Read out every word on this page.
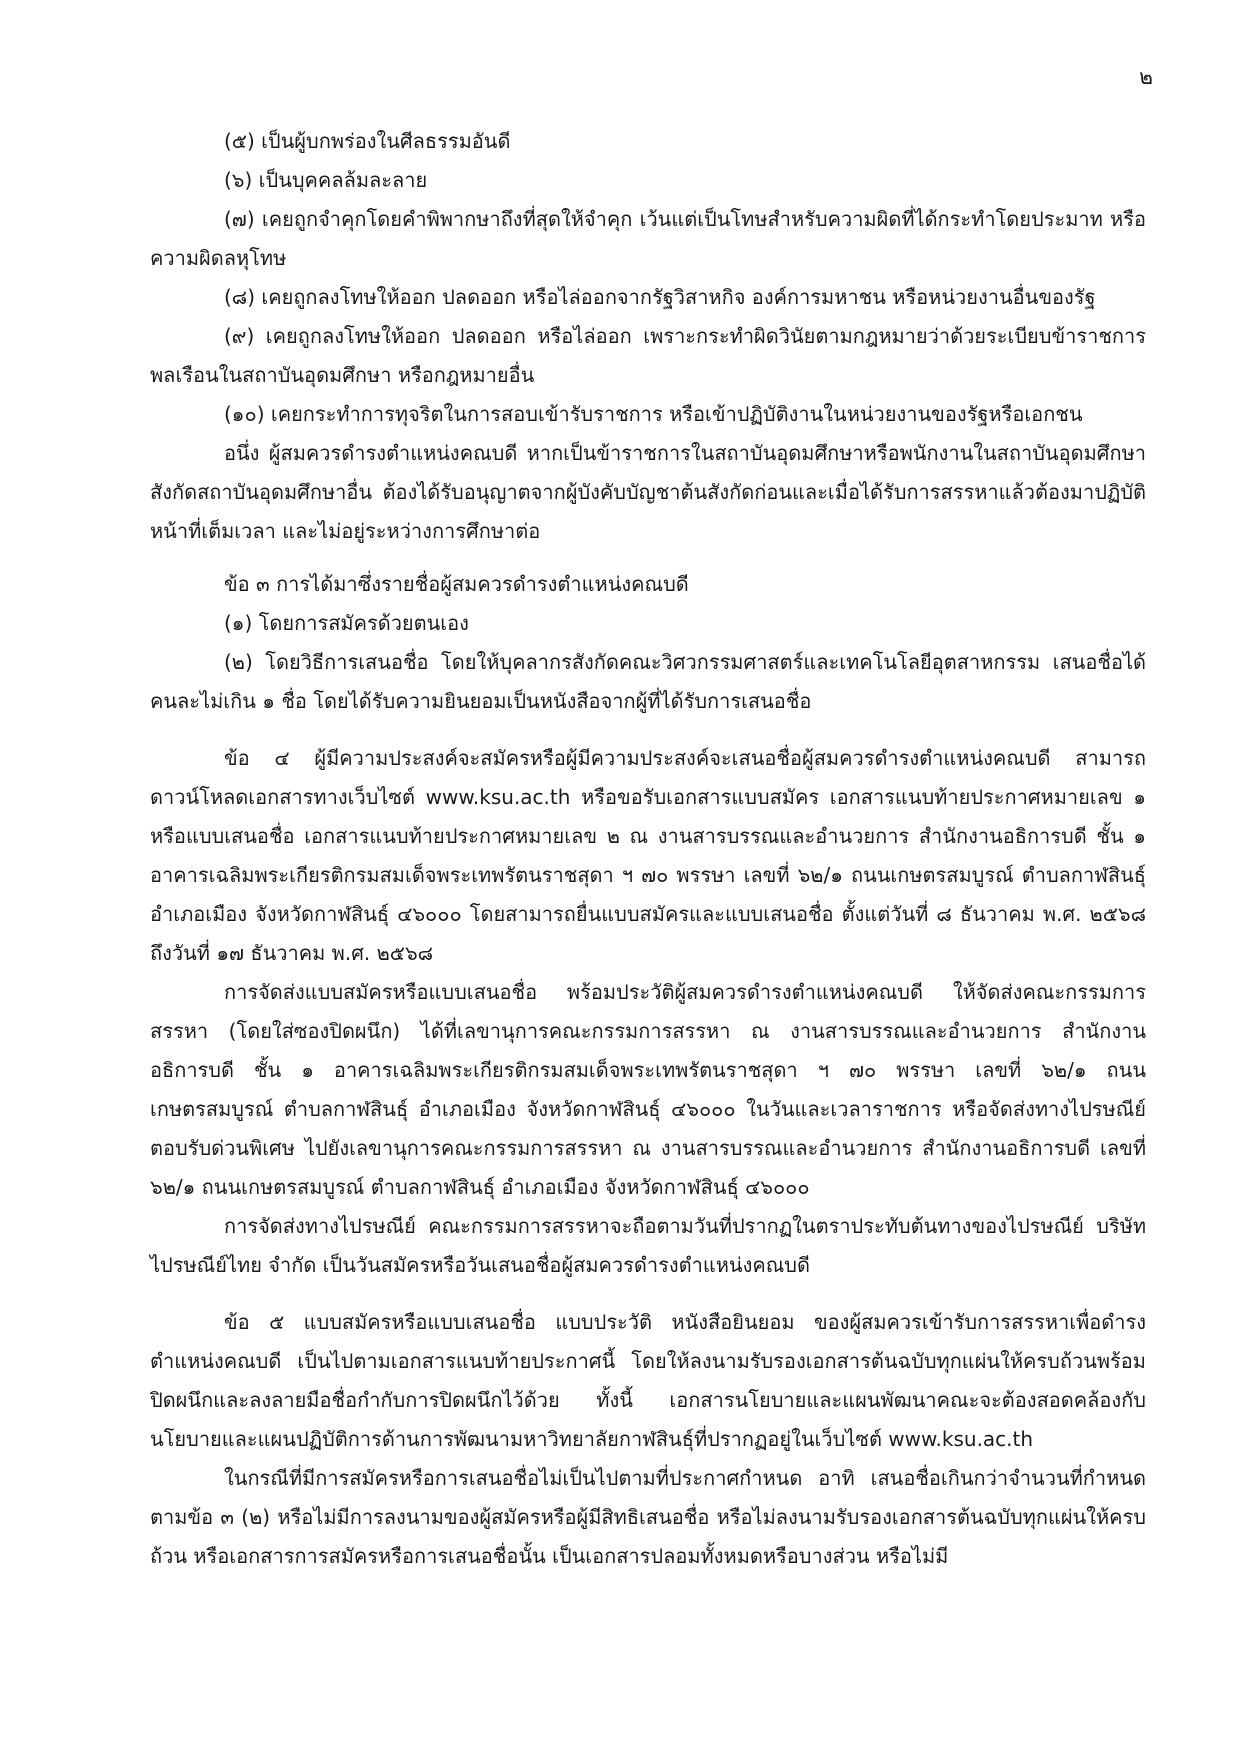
๒

(๕) เป็นผู้บกพร่องในศีลธรรมอันดี

(๖) เป็นบุคคลล้มละลาย

(๗) เคยถูกจำคุกโดยคำพิพากษาถึงที่สุดให้จำคุก เว้นแต่เป็นโทษสำหรับความผิดที่ได้กระทำโดยประมาท หรือความผิดลหุโทษ

(๘) เคยถูกลงโทษให้ออก ปลดออก หรือไล่ออกจากรัฐวิสาหกิจ องค์การมหาชน หรือหน่วยงานอื่นของรัฐ

(๙) เคยถูกลงโทษให้ออก ปลดออก หรือไล่ออก เพราะกระทำผิดวินัยตามกฎหมายว่าด้วยระเบียบข้าราชการพลเรือนในสถาบันอุดมศึกษา หรือกฎหมายอื่น

(๑๐) เคยกระทำการทุจริตในการสอบเข้ารับราชการ หรือเข้าปฏิบัติงานในหน่วยงานของรัฐหรือเอกชน

อนึ่ง ผู้สมควรดำรงตำแหน่งคณบดี หากเป็นข้าราชการในสถาบันอุดมศึกษาหรือพนักงานในสถาบันอุดมศึกษาสังกัดสถาบันอุดมศึกษาอื่น ต้องได้รับอนุญาตจากผู้บังคับบัญชาต้นสังกัดก่อนและเมื่อได้รับการสรรหาแล้วต้องมาปฏิบัติหน้าที่เต็มเวลา และไม่อยู่ระหว่างการศึกษาต่อ

ข้อ ๓ การได้มาซึ่งรายชื่อผู้สมควรดำรงตำแหน่งคณบดี

(๑) โดยการสมัครด้วยตนเอง

(๒) โดยวิธีการเสนอชื่อ โดยให้บุคลากรสังกัดคณะวิศวกรรมศาสตร์และเทคโนโลยีอุตสาหกรรม เสนอชื่อได้คนละไม่เกิน ๑ ชื่อ โดยได้รับความยินยอมเป็นหนังสือจากผู้ที่ได้รับการเสนอชื่อ

ข้อ ๔ ผู้มีความประสงค์จะสมัครหรือผู้มีความประสงค์จะเสนอชื่อผู้สมควรดำรงตำแหน่งคณบดี สามารถดาวน์โหลดเอกสารทางเว็บไซต์ www.ksu.ac.th หรือขอรับเอกสารแบบสมัคร เอกสารแนบท้ายประกาศหมายเลข ๑ หรือแบบเสนอชื่อ เอกสารแนบท้ายประกาศหมายเลข ๒ ณ งานสารบรรณและอำนวยการ สำนักงานอธิการบดี ชั้น ๑ อาคารเฉลิมพระเกียรติกรมสมเด็จพระเทพรัตนราชสุดา ฯ ๗๐ พรรษา เลขที่ ๖๒/๑ ถนนเกษตรสมบูรณ์ ตำบลกาฬสินธุ์ อำเภอเมือง จังหวัดกาฬสินธุ์ ๔๖๐๐๐ โดยสามารถยื่นแบบสมัครและแบบเสนอชื่อ ตั้งแต่วันที่ ๘ ธันวาคม พ.ศ. ๒๕๖๘ ถึงวันที่ ๑๗ ธันวาคม พ.ศ. ๒๕๖๘

การจัดส่งแบบสมัครหรือแบบเสนอชื่อ พร้อมประวัติผู้สมควรดำรงตำแหน่งคณบดี ให้จัดส่งคณะกรรมการสรรหา (โดยใส่ซองปิดผนึก) ได้ที่เลขานุการคณะกรรมการสรรหา ณ งานสารบรรณและอำนวยการ สำนักงานอธิการบดี ชั้น ๑ อาคารเฉลิมพระเกียรติกรมสมเด็จพระเทพรัตนราชสุดา ฯ ๗๐ พรรษา เลขที่ ๖๒/๑ ถนนเกษตรสมบูรณ์ ตำบลกาฬสินธุ์ อำเภอเมือง จังหวัดกาฬสินธุ์ ๔๖๐๐๐ ในวันและเวลาราชการ หรือจัดส่งทางไปรษณีย์ตอบรับด่วนพิเศษ ไปยังเลขานุการคณะกรรมการสรรหา ณ งานสารบรรณและอำนวยการ สำนักงานอธิการบดี เลขที่ ๖๒/๑ ถนนเกษตรสมบูรณ์ ตำบลกาฬสินธุ์ อำเภอเมือง จังหวัดกาฬสินธุ์ ๔๖๐๐๐

การจัดส่งทางไปรษณีย์ คณะกรรมการสรรหาจะถือตามวันที่ปรากฏในตราประทับต้นทางของไปรษณีย์ บริษัท ไปรษณีย์ไทย จำกัด เป็นวันสมัครหรือวันเสนอชื่อผู้สมควรดำรงตำแหน่งคณบดี

ข้อ ๕ แบบสมัครหรือแบบเสนอชื่อ แบบประวัติ หนังสือยินยอม ของผู้สมควรเข้ารับการสรรหาเพื่อดำรงตำแหน่งคณบดี เป็นไปตามเอกสารแนบท้ายประกาศนี้ โดยให้ลงนามรับรองเอกสารต้นฉบับทุกแผ่นให้ครบถ้วนพร้อมปิดผนึกและลงลายมือชื่อกำกับการปิดผนึกไว้ด้วย ทั้งนี้ เอกสารนโยบายและแผนพัฒนาคณะจะต้องสอดคล้องกับนโยบายและแผนปฏิบัติการด้านการพัฒนามหาวิทยาลัยกาฬสินธุ์ที่ปรากฏอยู่ในเว็บไซต์ www.ksu.ac.th

ในกรณีที่มีการสมัครหรือการเสนอชื่อไม่เป็นไปตามที่ประกาศกำหนด อาทิ เสนอชื่อเกินกว่าจำนวนที่กำหนดตามข้อ ๓ (๒) หรือไม่มีการลงนามของผู้สมัครหรือผู้มีสิทธิเสนอชื่อ หรือไม่ลงนามรับรองเอกสารต้นฉบับทุกแผ่นให้ครบถ้วน หรือเอกสารการสมัครหรือการเสนอชื่อนั้น เป็นเอกสารปลอมทั้งหมดหรือบางส่วน หรือไม่มี
